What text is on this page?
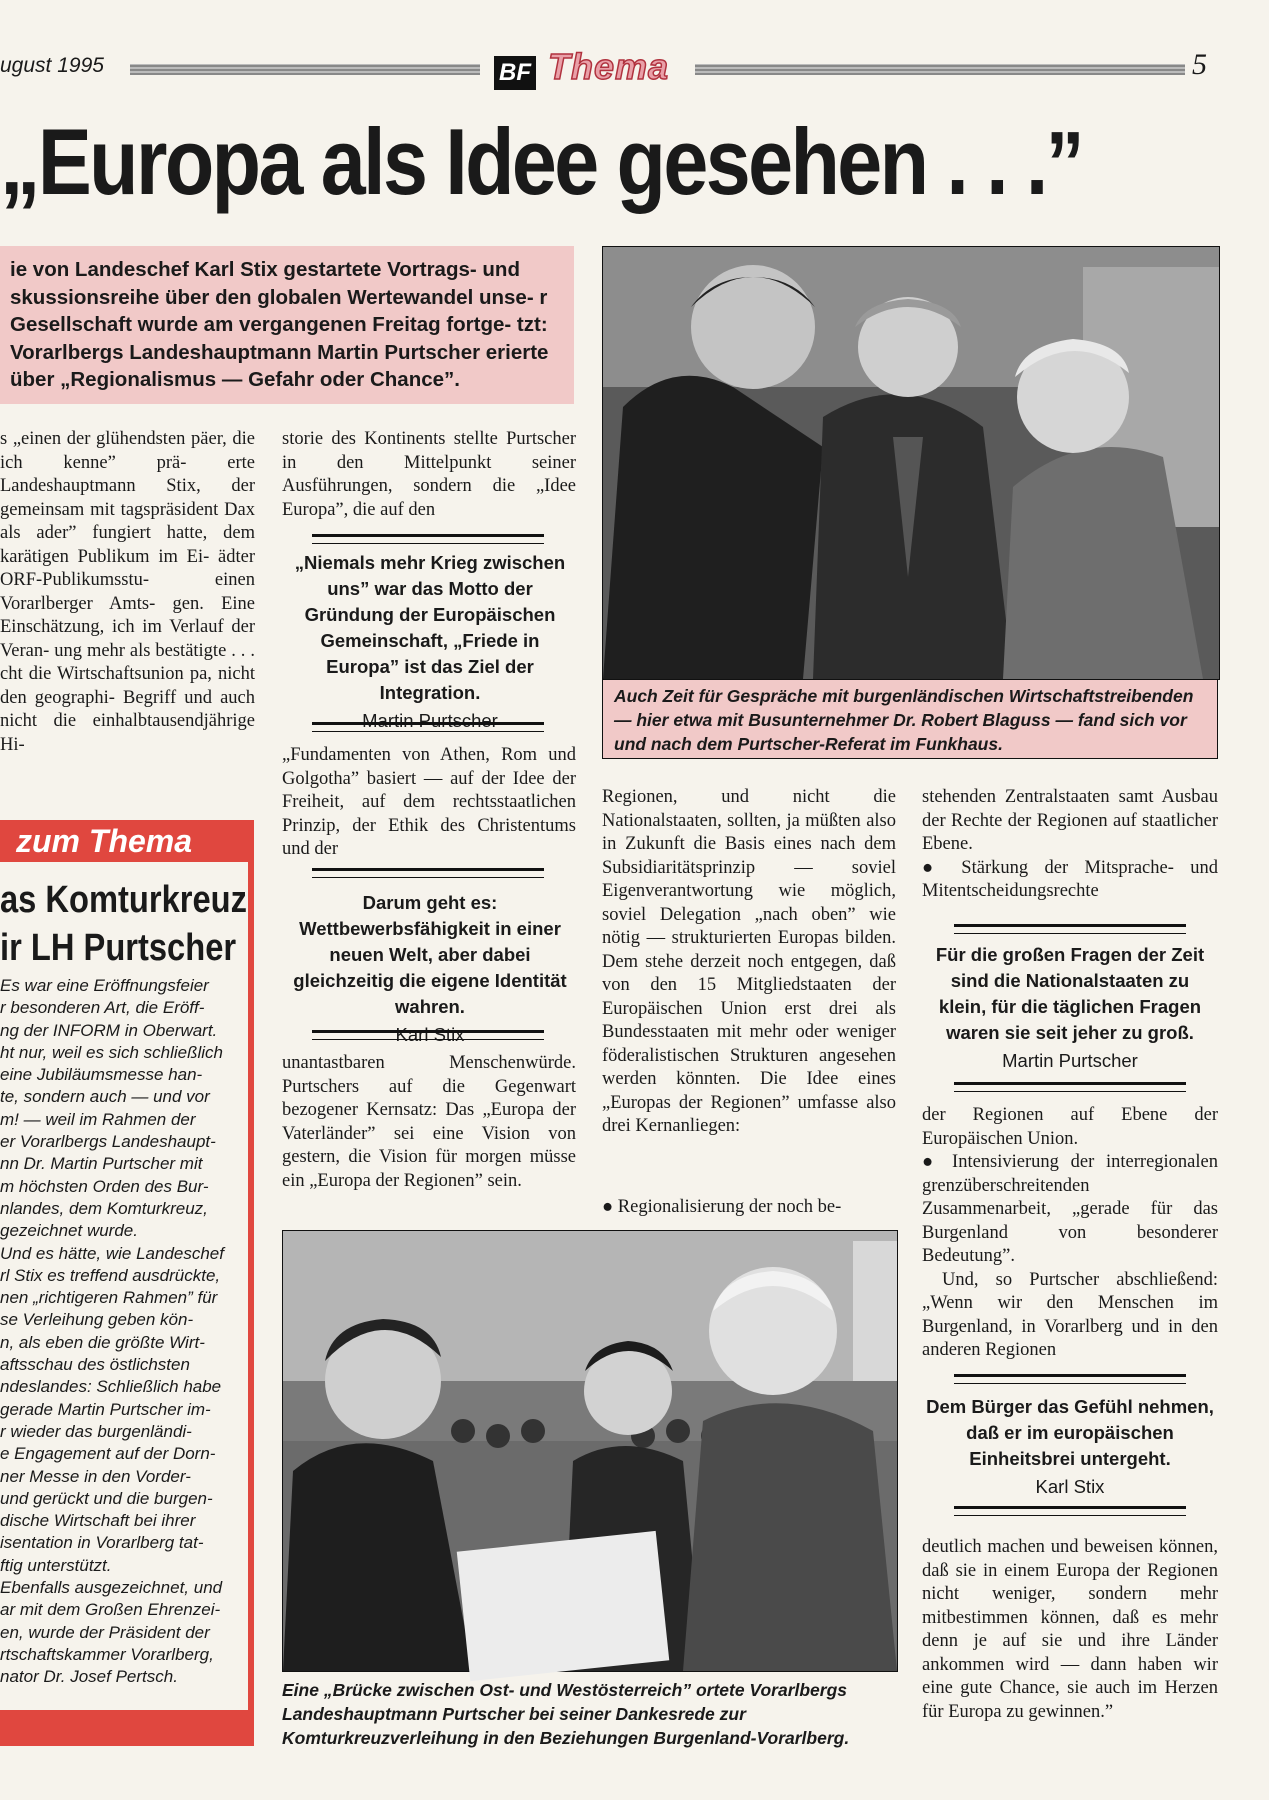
ugust 1995	BF Thema	5
„Europa als Idee gesehen . . .”
ie von Landeschef Karl Stix gestartete Vortrags- und skussionsreihe über den globalen Wertewandel unse- r Gesellschaft wurde am vergangenen Freitag fortge- tzt: Vorarlbergs Landeshauptmann Martin Purtscher erierte über „Regionalismus — Gefahr oder Chance”.

s „einen der glühendsten päer, die ich kenne” prä- erte Landeshauptmann Stix, der gemeinsam mit tagspräsident Dax als ader” fungiert hatte, dem karätigen Publikum im Ei- ädter ORF-Publikumsstu- einen Vorarlberger Amts- gen. Eine Einschätzung, ich im Verlauf der Veran- ung mehr als bestätigte . . . cht die Wirtschaftsunion pa, nicht den geographi- Begriff und auch nicht die einhalbtausendjährige Hi-

storie des Kontinents stellte Purtscher in den Mittelpunkt seiner Ausführungen, sondern die „Idee Europa”, die auf den

„Niemals mehr Krieg zwischen uns” war das Motto der Gründung der Europäischen Gemeinschaft, „Friede in Europa” ist das Ziel der Integration.
Martin Purtscher

„Fundamenten von Athen, Rom und Golgotha” basiert — auf der Idee der Freiheit, auf dem rechtsstaatlichen Prinzip, der Ethik des Christentums und der

Darum geht es: Wettbewerbsfähigkeit in einer neuen Welt, aber dabei gleichzeitig die eigene Identität wahren.
Karl Stix

unantastbaren Menschenwürde. Purtschers auf die Gegenwart bezogener Kernsatz: Das „Europa der Vaterländer” sei eine Vision von gestern, die Vision für morgen müsse ein „Europa der Regionen” sein.

Auch Zeit für Gespräche mit burgenländischen Wirtschaftstreibenden — hier etwa mit Busunternehmer Dr. Robert Blaguss — fand sich vor und nach dem Purtscher-Referat im Funkhaus.

Regionen, und nicht die Nationalstaaten, sollten, ja müßten also in Zukunft die Basis eines nach dem Subsidiaritätsprinzip — soviel Eigenverantwortung wie möglich, soviel Delegation „nach oben” wie nötig — strukturierten Europas bilden. Dem stehe derzeit noch entgegen, daß von den 15 Mitgliedstaaten der Europäischen Union erst drei als Bundesstaaten mit mehr oder weniger föderalistischen Strukturen angesehen werden könnten. Die Idee eines „Europas der Regionen” umfasse also drei Kernanliegen:

● Regionalisierung der noch be-

stehenden Zentralstaaten samt Ausbau der Rechte der Regionen auf staatlicher Ebene.

● Stärkung der Mitsprache- und Mitentscheidungsrechte

Für die großen Fragen der Zeit sind die Nationalstaaten zu klein, für die täglichen Fragen waren sie seit jeher zu groß.
Martin Purtscher

der Regionen auf Ebene der Europäischen Union.

● Intensivierung der interregionalen grenzüberschreitenden Zusammenarbeit, „gerade für das Burgenland von besonderer Bedeutung”.

Und, so Purtscher abschließend: „Wenn wir den Menschen im Burgenland, in Vorarlberg und in den anderen Regionen

Dem Bürger das Gefühl nehmen, daß er im europäischen Einheitsbrei untergeht.
Karl Stix

deutlich machen und beweisen können, daß sie in einem Europa der Regionen nicht weniger, sondern mehr mitbestimmen können, daß es mehr denn je auf sie und ihre Länder ankommen wird — dann haben wir eine gute Chance, sie auch im Herzen für Europa zu gewinnen.”

Eine „Brücke zwischen Ost- und Westösterreich” ortete Vorarlbergs Landeshauptmann Purtscher bei seiner Dankesrede zur Komturkreuzverleihung in den Beziehungen Burgenland-Vorarlberg.
zum Thema
as Komturkreuz
ir LH Purtscher

Es war eine Eröffnungsfeier

r besonderen Art, die Eröff-

ng der INFORM in Oberwart.

ht nur, weil es sich schließlich

eine Jubiläumsmesse han-

te, sondern auch — und vor

m! — weil im Rahmen der

er Vorarlbergs Landeshaupt-

nn Dr. Martin Purtscher mit

m höchsten Orden des Bur-

nlandes, dem Komturkreuz,

gezeichnet wurde.

Und es hätte, wie Landeschef

rl Stix es treffend ausdrückte,

nen „richtigeren Rahmen” für

se Verleihung geben kön-

n, als eben die größte Wirt-

aftsschau des östlichsten

ndeslandes: Schließlich habe

gerade Martin Purtscher im-

r wieder das burgenländi-

e Engagement auf der Dorn-

ner Messe in den Vorder-

und gerückt und die burgen-

dische Wirtschaft bei ihrer

isentation in Vorarlberg tat-

ftig unterstützt.

Ebenfalls ausgezeichnet, und

ar mit dem Großen Ehrenzei-

en, wurde der Präsident der

rtschaftskammer Vorarlberg,

nator Dr. Josef Pertsch.
